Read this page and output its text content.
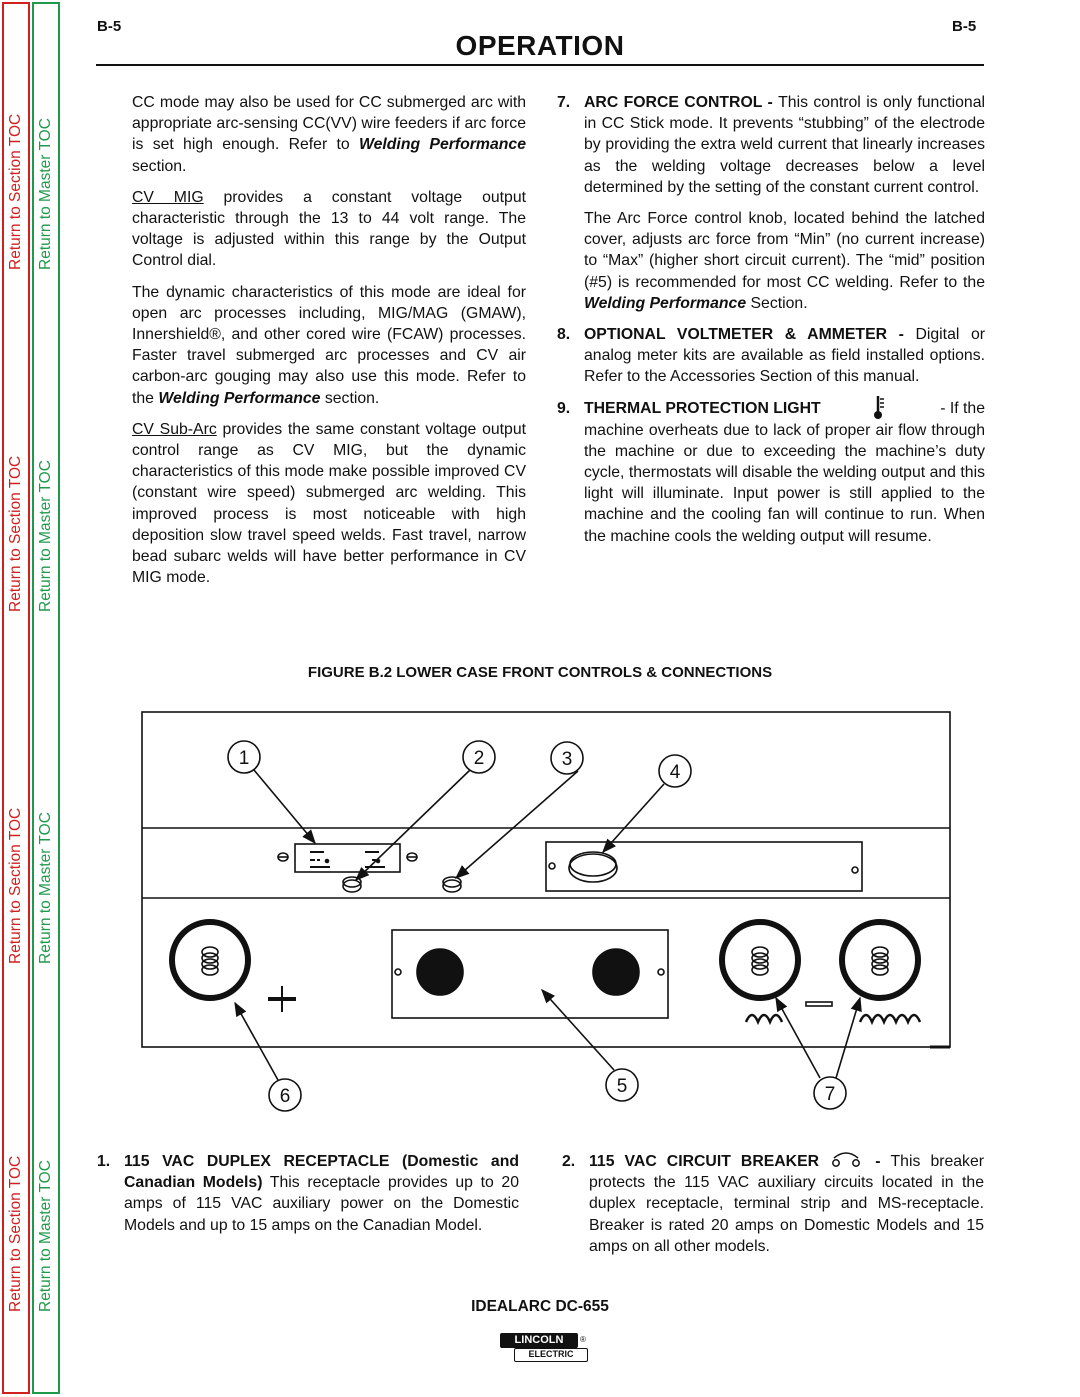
Return to Section TOC
Return to Section TOC
Return to Section TOC
Return to Section TOC
Return to Master TOC
Return to Master TOC
Return to Master TOC
Return to Master TOC
B-5	B-5
OPERATION

CC mode may also be used for CC submerged arc with appropriate arc-sensing CC(VV) wire feeders if arc force is set high enough. Refer to Welding Performance section.

CV MIG provides a constant voltage output characteristic through the 13 to 44 volt range. The voltage is adjusted within this range by the Output Control dial.

The dynamic characteristics of this mode are ideal for open arc processes including, MIG/MAG (GMAW), Innershield®, and other cored wire (FCAW) processes. Faster travel submerged arc processes and CV air carbon-arc gouging may also use this mode. Refer to the Welding Performance section.

CV Sub-Arc provides the same constant voltage output control range as CV MIG, but the dynamic characteristics of this mode make possible improved CV (constant wire speed) submerged arc welding. This improved process is most noticeable with high deposition slow travel speed welds. Fast travel, narrow bead subarc welds will have better performance in CV MIG mode.

7. ARC FORCE CONTROL - This control is only functional in CC Stick mode. It prevents “stubbing” of the electrode by providing the extra weld current that linearly increases as the welding voltage decreases below a level determined by the setting of the constant current control.
The Arc Force control knob, located behind the latched cover, adjusts arc force from “Min” (no current increase) to “Max” (higher short circuit current). The “mid” position (#5) is recommended for most CC welding. Refer to the Welding Performance Section.
8. OPTIONAL VOLTMETER & AMMETER - Digital or analog meter kits are available as field installed options. Refer to the Accessories Section of this manual.
9. THERMAL PROTECTION LIGHT	- If the
machine overheats due to lack of proper air flow through the machine or due to exceeding the machine’s duty cycle, thermostats will disable the welding output and this light will illuminate. Input power is still applied to the machine and the cooling fan will continue to run. When the machine cools the welding output will resume.
FIGURE B.2 LOWER CASE FRONT CONTROLS & CONNECTIONS
1	2	3
4
6	5	7
1. 115 VAC DUPLEX RECEPTACLE (Domestic and Canadian Models) This receptacle provides up to 20 amps of 115 VAC auxiliary power on the Domestic Models and up to 15 amps on the Canadian Model.
2. 115 VAC CIRCUIT BREAKER	- This breaker protects the 115 VAC auxiliary circuits located in the duplex receptacle, terminal strip and MS-receptacle. Breaker is rated 20 amps on Domestic Models and 15 amps on all other models.
IDEALARC DC-655
LINCOLN
ELECTRIC
®
